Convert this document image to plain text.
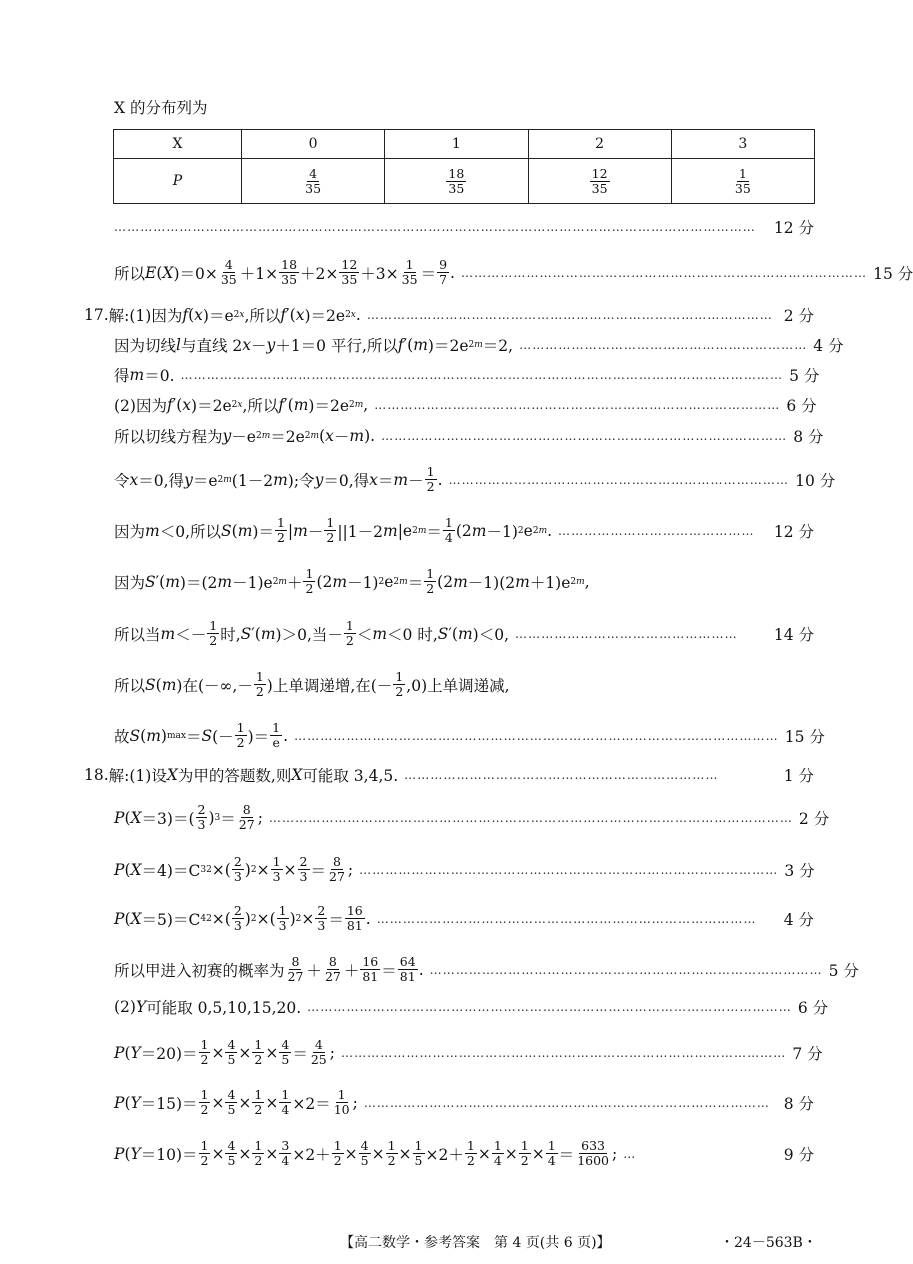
X 的分布列为
X	0	1	2	3
P	$\frac{4}{35}$	$\frac{18}{35}$	$\frac{12}{35}$	$\frac{1}{35}$
…………………………………………………………………………………………………………………………………	12 分
所以 E ( X )$=0\times \frac{4}{35} +1\times \frac{18}{35} +2\times \frac{12}{35} +3\times \frac{1}{35} = \frac{9}{7}$ . ………………………………………………………………………………… 15 分
17. 解:(1)因为 f ( x )＝e 2x ,所以 f ′( x )＝2e 2x . ………………………………………………………………………………… 2 分
因为切线 l 与直线 2 x － y ＋1＝0 平行,所以 f ′( m )＝2e 2m ＝2, ………………………………………………………… 4 分
得 m ＝0. ………………………………………………………………………………………………………………………… 5 分
(2)因为 f ′( x )＝2e 2x ,所以 f ′( m )＝2e 2m , ………………………………………………………………………………… 6 分
所以切线方程为 y －e 2m ＝2e 2m ( x － m ). ………………………………………………………………………………… 8 分
令 x ＝0,得 y ＝e 2m (1－2 m );令 y ＝0,得 $x = m - \frac{1}{2}$ . …………………………………………………………………… 10 分
因为 m ＜0,所以 S ( m )＝ $\frac{1}{2}$ | $m - \frac{1}{2} ||1-2$ m |e $2m = \frac{1}{4} (2$ m －1) 2 e 2m . ………………………………………	12 分
因为 S ′( m )＝(2 m －1)e $2m + \frac{1}{2} (2$ m －1) 2 e $2m = \frac{1}{2} (2$ m －1)(2 m ＋1)e 2m ,
所以当 $m <- \frac{1}{2}$ 时, S ′( m )＞0,当－ $\frac{1}{2} < m <0$ 时, S ′( m )＜0, ……………………………………………	14 分
所以 S ( m )在(－∞,－ $\frac{1}{2}$ )上单调递增,在(－ $\frac{1}{2} ,0$)上单调递减,
故 S ( m ) max ＝ S (－ $\frac{1}{2}$ )＝ $\frac{1}{e}$ . ………………………………………………………………………………………………… 15 分
18. 解:(1)设 X 为甲的答题数,则 X 可能取 3,4,5. ………………………………………………………………	1 分
P ( $X =3)=( \frac{2}{3}$ ) $3 = \frac{8}{27}$ ; ………………………………………………………………………………………………………… 2 分
P ( X ＝4)＝C 3 2 ×( $\frac{2}{3}$ ) $2 \times \frac{1}{3} \times \frac{2}{3} = \frac{8}{27}$ ; …………………………………………………………………………………… 3 分
P ( X ＝5)＝C 4 2 ×( $\frac{2}{3}$ ) 2 ×( $\frac{1}{3}$ ) $2 \times \frac{2}{3} = \frac{16}{81}$ . ……………………………………………………………………………	4 分
所以甲进入初赛的概率为 $\frac{8}{27} + \frac{8}{27} + \frac{16}{81} = \frac{64}{81}$ . ……………………………………………………………………………… 5 分
(2) Y 可能取 0,5,10,15,20. ………………………………………………………………………………………………… 6 分
P ( $Y =20)= \frac{1}{2} \times \frac{4}{5} \times \frac{1}{2} \times \frac{4}{5} = \frac{4}{25}$ ; ………………………………………………………………………………………… 7 分
P ( $Y =15)= \frac{1}{2} \times \frac{4}{5} \times \frac{1}{2} \times \frac{1}{4} \times 2= \frac{1}{10}$ ; ………………………………………………………………………………… 8 分
P ( $Y =10)= \frac{1}{2} \times \frac{4}{5} \times \frac{1}{2} \times \frac{3}{4} \times 2+ \frac{1}{2} \times \frac{4}{5} \times \frac{1}{2} \times \frac{1}{5} \times 2+ \frac{1}{2} \times \frac{1}{4} \times \frac{1}{2} \times \frac{1}{4} = \frac{633}{1600}$ ; …	9 分
【高二数学・参考答案　第 4 页(共 6 页)】	・24－563B・
